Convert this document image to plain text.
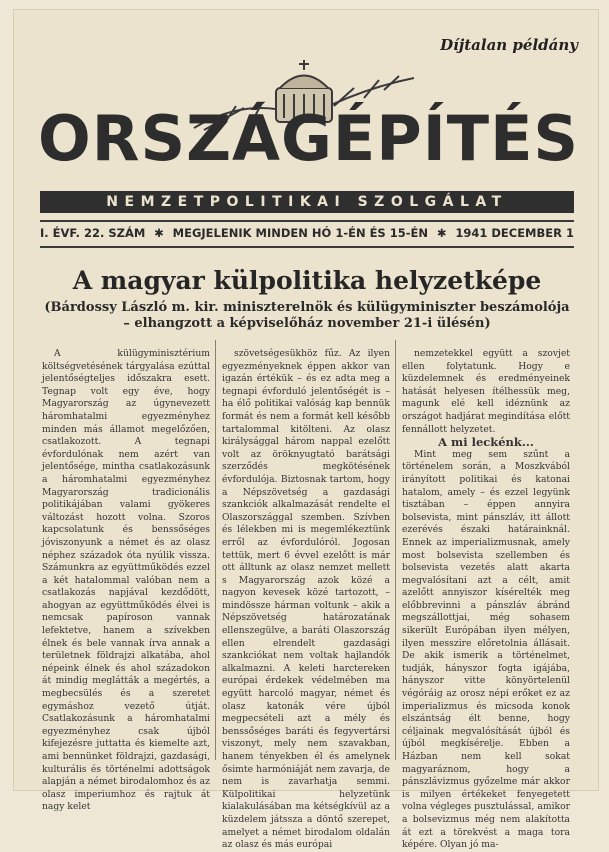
Díjtalan példány
ORSZÁGÉPÍTÉS
NEMZETPOLITIKAI SZOLGÁLAT
I. ÉVF. 22. SZÁM ✱ MEGJELENIK MINDEN HÓ 1-ÉN ÉS 15-ÉN ✱ 1941 DECEMBER 1
A magyar külpolitika helyzetképe
(Bárdossy László m. kir. miniszterelnök és külügyminiszter beszámolója – elhangzott a képviselőház november 21-i ülésén)

A külügyminisztérium költségvetésének tárgyalása ezúttal jelentőségteljes időszakra esett. Tegnap volt egy éve, hogy Magyarország az úgynevezett háromhatalmi egyezményhez minden más államot megelőzően, csatlakozott. A tegnapi évfordulónak nem azért van jelentősége, mintha csatlakozásunk a háromhatalmi egyezményhez Magyarország tradicionális politikájában valami gyökeres változást hozott volna. Szoros kapcsolatunk és benssőséges jóviszonyunk a német és az olasz néphez századok óta nyúlik vissza. Számunkra az együttműködés ezzel a két hatalommal valóban nem a csatlakozás napjával kezdődött, ahogyan az együttműködés élvei is nemcsak papíroson vannak lefektetve, hanem a szívekben élnek és bele vannak írva annak a területnek földrajzi alkatába, ahol népeink élnek és ahol századokon át mindig meglátták a megértés, a megbecsülés és a szeretet egymáshoz vezető útját. Csatlakozásunk a háromhatalmi egyezményhez csak újból kifejezésre juttatta és kiemelte azt, ami bennünket földrajzi, gazdasági, kulturális és történelmi adottságok alapján a német birodalomhoz és az olasz imperiumhoz és rajtuk át nagy kelet

szövetségesükhöz fűz. Az ilyen egyezményeknek éppen akkor van igazán értékük – és ez adta meg a tegnapi évforduló jelentőségét is – ha élő politikai valóság kap bennük formát és nem a formát kell később tartalommal kitölteni. Az olasz királysággal három nappal ezelőtt volt az öröknyugtató barátsági szerződés megkötésének évfordulója. Biztosnak tartom, hogy a Népszövetség a gazdasági szankciók alkalmazását rendelte el Olaszországgal szemben. Szívben és lélekben mi is megemlékeztünk erről az évfordulóról. Jogosan tettük, mert 6 évvel ezelőtt is már ott álltunk az olasz nemzet mellett s Magyarország azok közé a nagyon kevesek közé tartozott, – mindössze hárman voltunk – akik a Népszövetség határozatának ellenszegülve, a baráti Olaszország ellen elrendelt gazdasági szankciókat nem voltak hajlandók alkalmazni. A keleti harctereken európai érdekek védelmében ma együtt harcoló magyar, német és olasz katonák vére újból megpecsételi azt a mély és benssőséges baráti és fegyvertársi viszonyt, mely nem szavakban, hanem tényekben él és amelynek ősimte harmóniáját nem zavarja, de nem is zavarhatja semmi. Külpolitikai helyzetünk kialakulásában ma kétségkívül az a küzdelem játssza a döntő szerepet, amelyet a német birodalom oldalán az olasz és más európai

nemzetekkel együtt a szovjet ellen folytatunk. Hogy e küzdelemnek és eredményeinek hatását helyesen ítélhessük meg, magunk elé kell idéznünk az országot hadjárat megindítása előtt fennállott helyzetet.

A mi leckénk...

Mint meg sem szűnt a történelem során, a Moszkvából irányított politikai és katonai hatalom, amely – és ezzel legyünk tisztában – éppen annyira bolsevista, mint pánszláv, itt állott ezerévés északi határainknál. Ennek az imperializmusnak, amely most bolsevista szellemben és bolsevista vezetés alatt akarta megvalósítani azt a célt, amit azelőtt annyiszor kísérelték meg előbbrevinni a pánszláv ábránd megszállottjai, még sohasem sikerült Európában ilyen mélyen, ilyen messzire előretolnia állásait. De akik ismerik a történelmet, tudják, hányszor fogta igájába, hányszor vitte könyörtelenül végóráig az orosz népi erőket ez az imperializmus és micsoda konok elszántság élt benne, hogy céljainak megvalósítását újból és újból megkísérelje. Ebben a Házban nem kell sokat magyaráznom, hogy a pánszlávizmus győzelme már akkor is milyen értékeket fenyegetett volna végleges pusztulással, amikor a bolsevizmus még nem alakította át ezt a törekvést a maga tora képére. Olyan jó ma-
